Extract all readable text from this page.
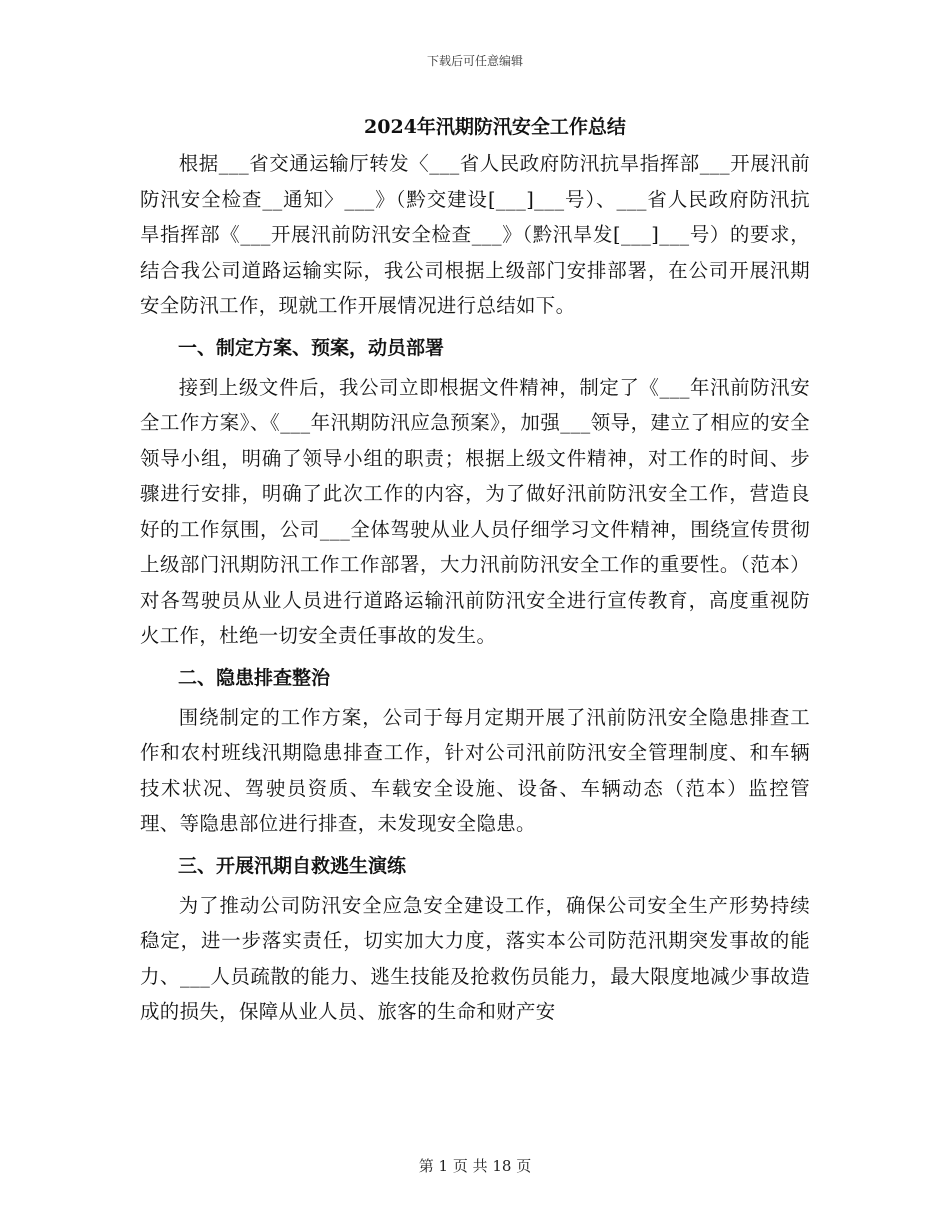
下载后可任意编辑
2024年汛期防汛安全工作总结

根据___省交通运输厅转发〈___省人民政府防汛抗旱指挥部___开展汛前防汛安全检查__通知〉___》（黔交建设[___]___号）、___省人民政府防汛抗旱指挥部《___开展汛前防汛安全检查___》（黔汛旱发[___]___号）的要求，结合我公司道路运输实际，我公司根据上级部门安排部署，在公司开展汛期安全防汛工作，现就工作开展情况进行总结如下。

一、制定方案、预案，动员部署

接到上级文件后，我公司立即根据文件精神，制定了《___年汛前防汛安全工作方案》、《___年汛期防汛应急预案》，加强___领导，建立了相应的安全领导小组，明确了领导小组的职责；根据上级文件精神，对工作的时间、步骤进行安排，明确了此次工作的内容，为了做好汛前防汛安全工作，营造良好的工作氛围，公司___全体驾驶从业人员仔细学习文件精神，围绕宣传贯彻上级部门汛期防汛工作工作部署，大力汛前防汛安全工作的重要性。（范本）对各驾驶员从业人员进行道路运输汛前防汛安全进行宣传教育，高度重视防火工作，杜绝一切安全责任事故的发生。

二、隐患排查整治

围绕制定的工作方案，公司于每月定期开展了汛前防汛安全隐患排查工作和农村班线汛期隐患排查工作，针对公司汛前防汛安全管理制度、和车辆技术状况、驾驶员资质、车载安全设施、设备、车辆动态（范本）监控管理、等隐患部位进行排查，未发现安全隐患。

三、开展汛期自救逃生演练

为了推动公司防汛安全应急安全建设工作，确保公司安全生产形势持续稳定，进一步落实责任，切实加大力度，落实本公司防范汛期突发事故的能力、___人员疏散的能力、逃生技能及抢救伤员能力，最大限度地减少事故造成的损失，保障从业人员、旅客的生命和财产安

第 1 页 共 18 页
